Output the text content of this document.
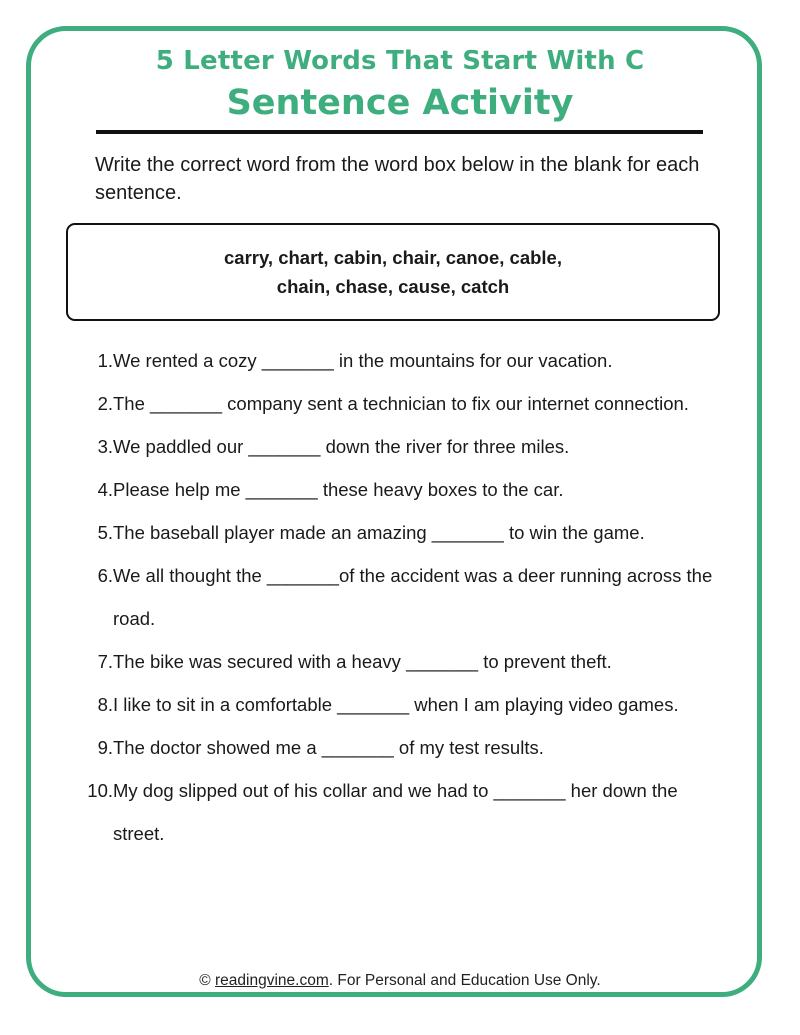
5 Letter Words That Start With C
Sentence Activity
Write the correct word from the word box below in the blank for each sentence.
carry, chart, cabin, chair, canoe, cable,
chain, chase, cause, catch
1. We rented a cozy _______ in the mountains for our vacation.
2. The _______ company sent a technician to fix our internet connection.
3. We paddled our _______ down the river for three miles.
4. Please help me _______ these heavy boxes to the car.
5. The baseball player made an amazing _______ to win the game.
6. We all thought the _______of the accident was a deer running across the road.
7. The bike was secured with a heavy _______ to prevent theft.
8. I like to sit in a comfortable _______ when I am playing video games.
9. The doctor showed me a _______ of my test results.
10. My dog slipped out of his collar and we had to _______ her down the street.
© readingvine.com. For Personal and Education Use Only.
